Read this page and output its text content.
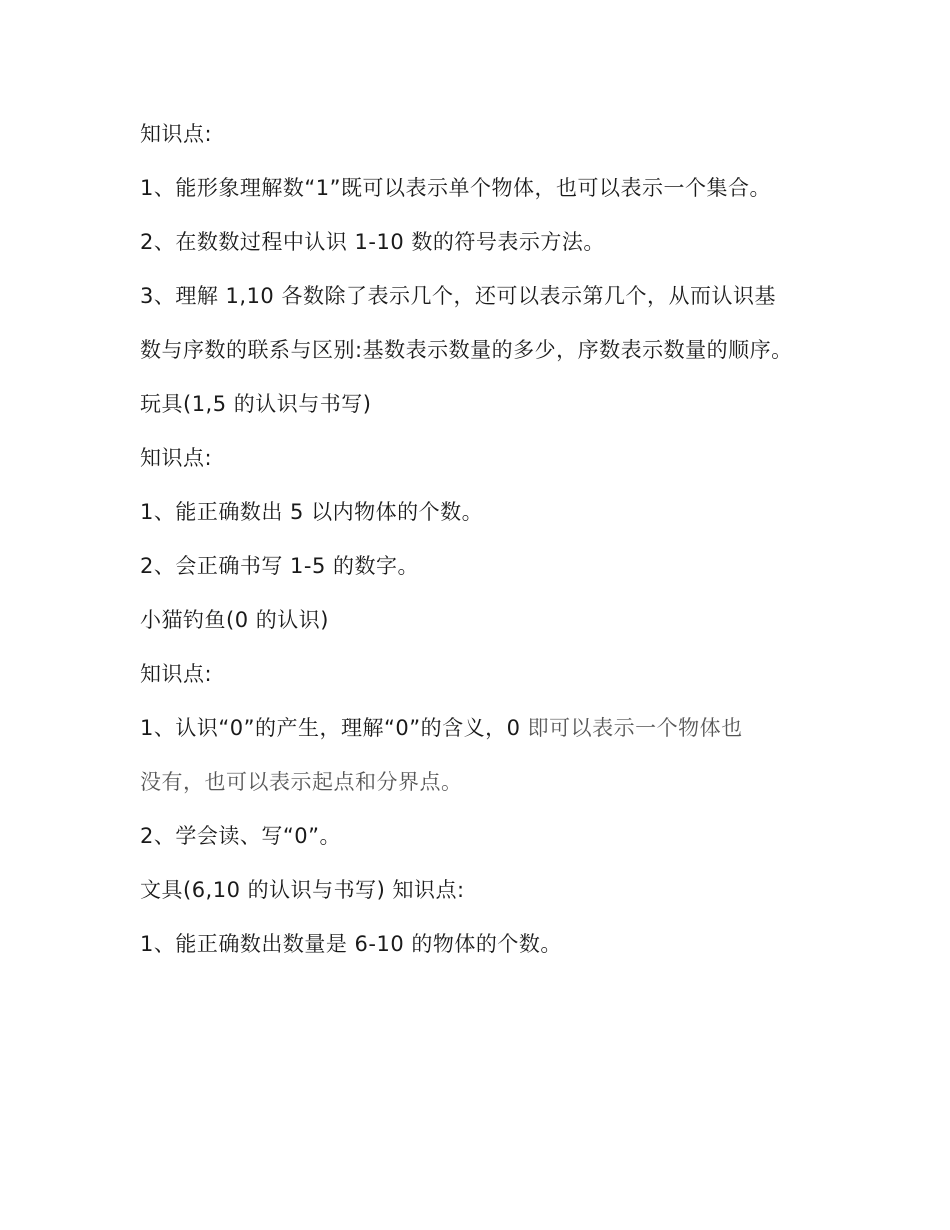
知识点:

1、能形象理解数“1”既可以表示单个物体，也可以表示一个集合。

2、在数数过程中认识 1-10 数的符号表示方法。

3、理解 1,10 各数除了表示几个，还可以表示第几个，从而认识基

数与序数的联系与区别:基数表示数量的多少，序数表示数量的顺序。

玩具(1,5 的认识与书写)

知识点:

1、能正确数出 5 以内物体的个数。

2、会正确书写 1-5 的数字。

小猫钓鱼(0 的认识)

知识点:

1、认识“0”的产生，理解“0”的含义，0 即可以表示一个物体也

没有，也可以表示起点和分界点。

2、学会读、写“0”。

文具(6,10 的认识与书写) 知识点:

1、能正确数出数量是 6-10 的物体的个数。
